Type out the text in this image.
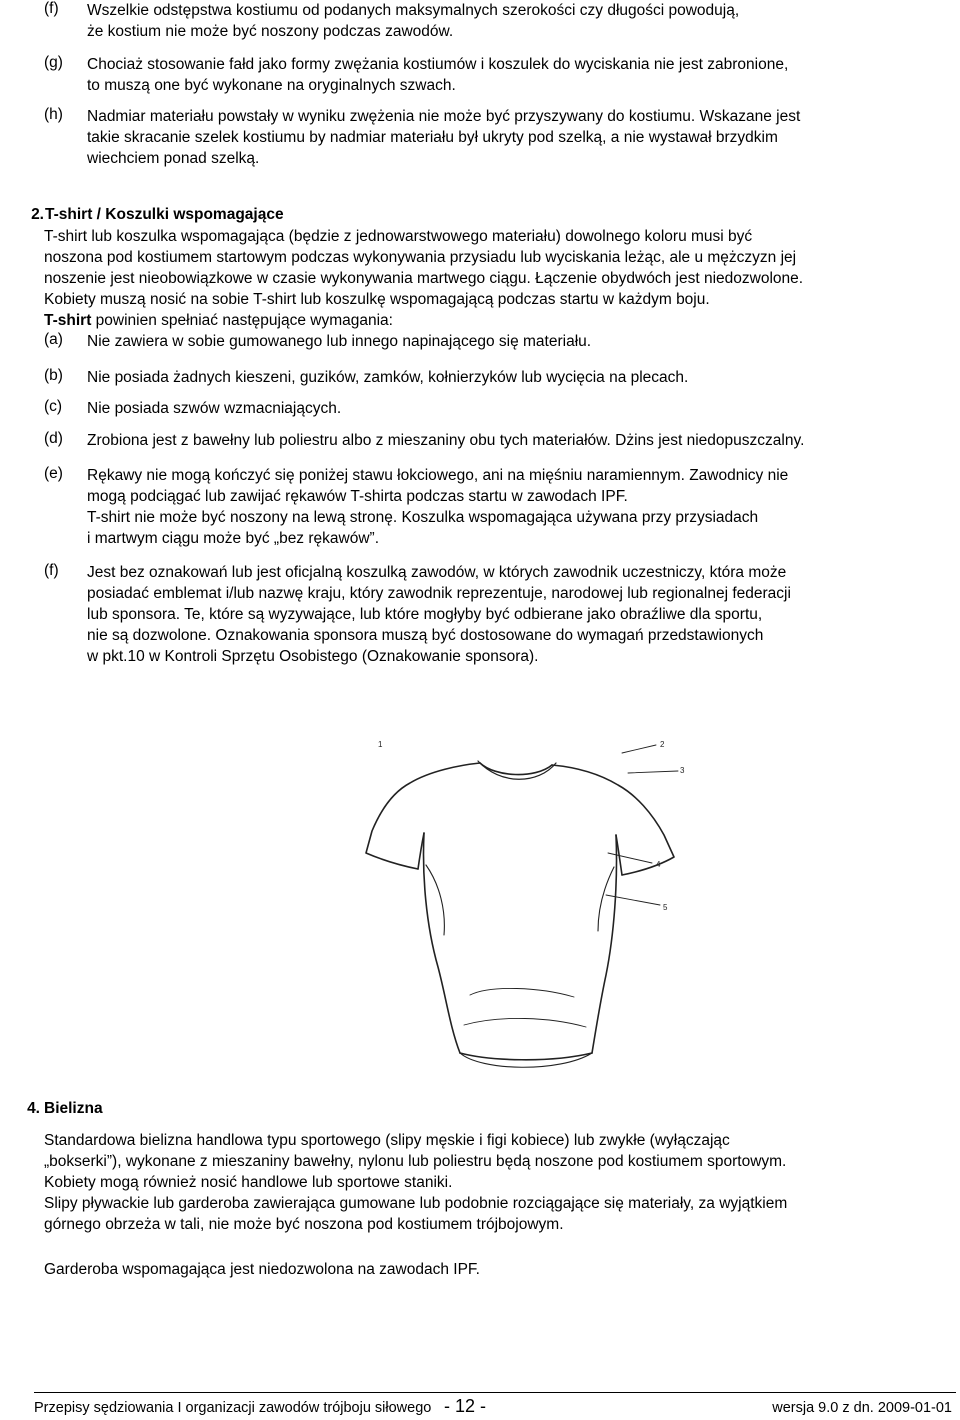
(f)	Wszelkie odstępstwa kostiumu od podanych maksymalnych szerokości czy długości powodują,
że kostium nie może być noszony podczas zawodów.
(g)	Chociaż stosowanie fałd jako formy zwężania kostiumów i koszulek do wyciskania nie jest zabronione,
to muszą one być wykonane na oryginalnych szwach.
(h)	Nadmiar materiału powstały w wyniku zwężenia nie może być przyszywany do kostiumu. Wskazane jest
takie skracanie szelek kostiumu by nadmiar materiału był ukryty pod szelką, a nie wystawał brzydkim
wiechciem ponad szelką.
2. T-shirt / Koszulki wspomagające
T-shirt lub koszulka wspomagająca (będzie z jednowarstwowego materiału) dowolnego koloru musi być
noszona pod kostiumem startowym podczas wykonywania przysiadu lub wyciskania leżąc, ale u mężczyzn jej
noszenie jest nieobowiązkowe w czasie wykonywania martwego ciągu. Łączenie obydwóch jest niedozwolone.
Kobiety muszą nosić na sobie T-shirt lub koszulkę wspomagającą podczas startu w każdym boju.
T-shirt powinien spełniać następujące wymagania:
(a)	Nie zawiera w sobie gumowanego lub innego napinającego się materiału.
(b)	Nie posiada żadnych kieszeni, guzików, zamków, kołnierzyków lub wycięcia na plecach.
(c)	Nie posiada szwów wzmacniających.
(d)	Zrobiona jest z bawełny lub poliestru albo z mieszaniny obu tych materiałów. Dżins jest niedopuszczalny.
(e)	Rękawy nie mogą kończyć się poniżej stawu łokciowego, ani na mięśniu naramiennym. Zawodnicy nie
mogą podciągać lub zawijać rękawów T-shirta podczas startu w zawodach IPF.
T-shirt nie może być noszony na lewą stronę. Koszulka wspomagająca używana przy przysiadach
i martwym ciągu może być „bez rękawów”.
(f)	Jest bez oznakowań lub jest oficjalną koszulką zawodów, w których zawodnik uczestniczy, która może
posiadać emblemat i/lub nazwę kraju, który zawodnik reprezentuje, narodowej lub regionalnej federacji
lub sponsora. Te, które są wyzywające, lub które mogłyby być odbierane jako obraźliwe dla sportu,
nie są dozwolone. Oznakowania sponsora muszą być dostosowane do wymagań przedstawionych
w pkt.10 w Kontroli Sprzętu Osobistego (Oznakowanie sponsora).
1	2
3
4
5
4. Bielizna
Standardowa bielizna handlowa typu sportowego (slipy męskie i figi kobiece) lub zwykłe (wyłączając
„bokserki”), wykonane z mieszaniny bawełny, nylonu lub poliestru będą noszone pod kostiumem sportowym.
Kobiety mogą również nosić handlowe lub sportowe staniki.
Slipy pływackie lub garderoba zawierająca gumowane lub podobnie rozciągające się materiały, za wyjątkiem
górnego obrzeża w tali, nie może być noszona pod kostiumem trójbojowym.
Garderoba wspomagająca jest niedozwolona na zawodach IPF.
Przepisy sędziowania I organizacji zawodów trójboju siłowego - 12 -	wersja 9.0 z dn. 2009-01-01
